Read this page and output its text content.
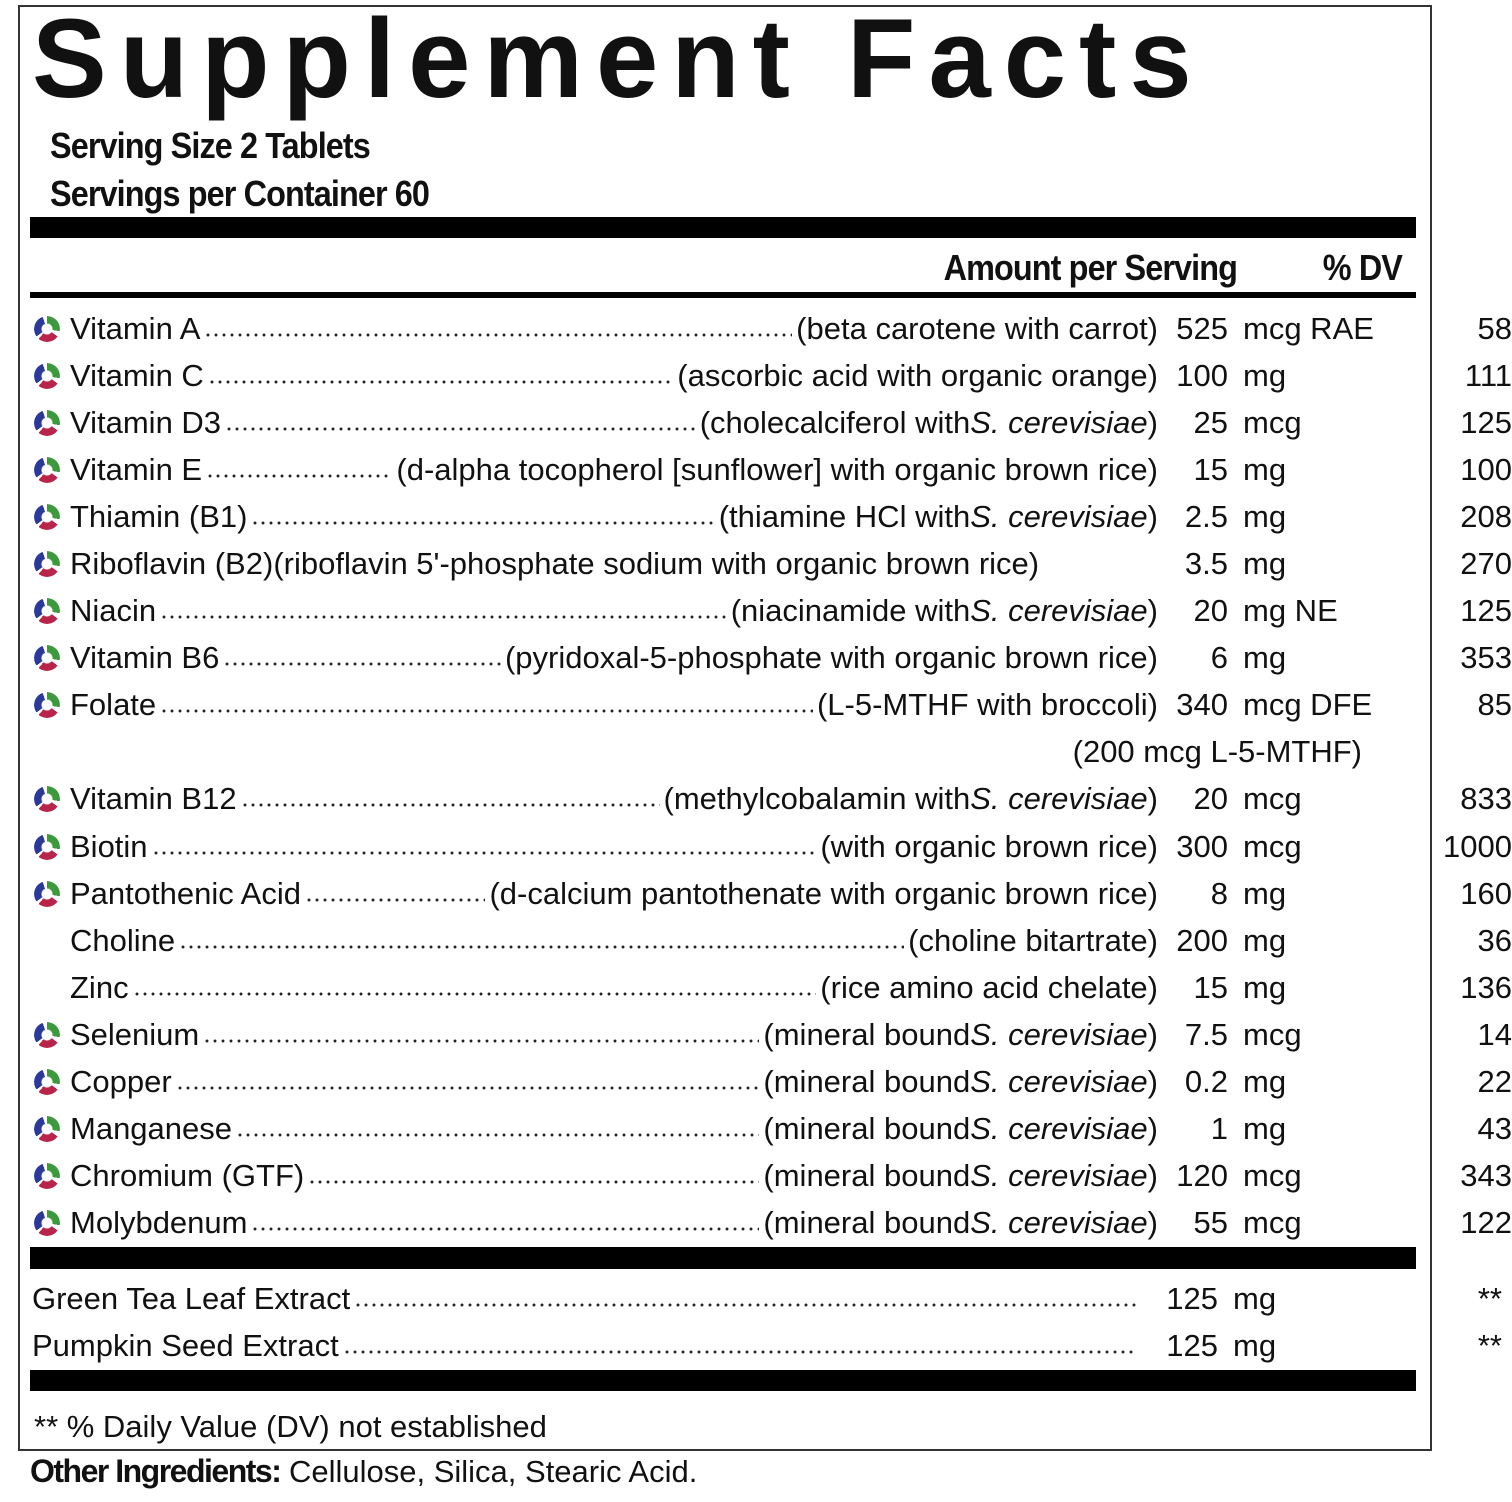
Supplement Facts
Serving Size 2 Tablets
Servings per Container 60
Amount per Serving % DV
Vitamin A	(beta carotene with carrot) 525 mcg RAE	58
Vitamin C	(ascorbic acid with organic orange) 100 mg	111
Vitamin D3	(cholecalciferol with S. cerevisiae )	25 mcg	125
Vitamin E	(d-alpha tocopherol [sunflower] with organic brown rice)	15 mg	100
Thiamin (B1)	(thiamine HCl with S. cerevisiae ) 2.5 mg	208
Riboflavin (B2) (riboflavin 5'-phosphate sodium with organic brown rice)	3.5 mg	270
Niacin	(niacinamide with S. cerevisiae )	20 mg NE	125
Vitamin B6	(pyridoxal-5-phosphate with organic brown rice)	6 mg	353
Folate	(L-5-MTHF with broccoli) 340 mcg DFE	85
(200 mcg L-5-MTHF)
Vitamin B12	(methylcobalamin with S. cerevisiae )	20 mcg	833
Biotin	(with organic brown rice) 300 mcg	1000
Pantothenic Acid	(d-calcium pantothenate with organic brown rice)	8 mg	160
Choline	(choline bitartrate) 200 mg	36
Zinc	(rice amino acid chelate)	15 mg	136
Selenium	(mineral bound S. cerevisiae ) 7.5 mcg	14
Copper	(mineral bound S. cerevisiae ) 0.2 mg	22
Manganese	(mineral bound S. cerevisiae )	1 mg	43
Chromium (GTF)	(mineral bound S. cerevisiae ) 120 mcg	343
Molybdenum	(mineral bound S. cerevisiae )	55 mcg	122
Green Tea Leaf Extract	125 mg	**
Pumpkin Seed Extract	125 mg	**
** % Daily Value (DV) not established
Other Ingredients: Cellulose, Silica, Stearic Acid.
